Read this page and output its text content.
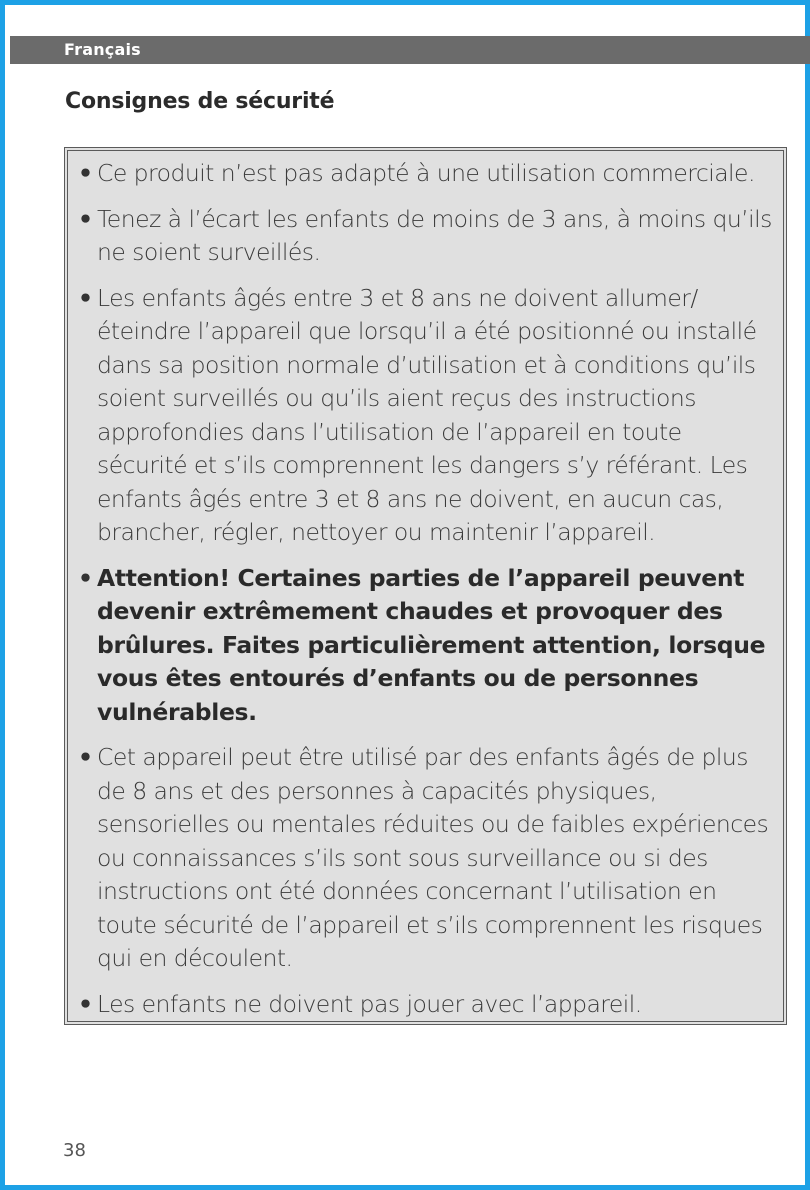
Français
Consignes de sécurité
• Ce produit n’est pas adapté à une utilisation commerciale.
• Tenez à l’écart les enfants de moins de 3 ans, à moins qu’ils ne soient surveillés.
• Les enfants âgés entre 3 et 8 ans ne doivent allumer/ éteindre l’appareil que lorsqu’il a été positionné ou installé dans sa position normale d’utilisation et à conditions qu’ils soient surveillés ou qu’ils aient reçus des instructions approfondies dans l’utilisation de l’appareil en toute sécurité et s’ils comprennent les dangers s’y référant. Les enfants âgés entre 3 et 8 ans ne doivent, en aucun cas, brancher, régler, nettoyer ou maintenir l’appareil.
• Attention! Certaines parties de l’appareil peuvent devenir extrêmement chaudes et provoquer des brûlures. Faites particulièrement attention, lorsque vous êtes entourés d’enfants ou de personnes vulnérables.
• Cet appareil peut être utilisé par des enfants âgés de plus de 8 ans et des personnes à capacités physiques, sensorielles ou mentales réduites ou de faibles expériences ou connaissances s’ils sont sous surveillance ou si des instructions ont été données concernant l’utilisation en toute sécurité de l’appareil et s’ils comprennent les risques qui en découlent.
• Les enfants ne doivent pas jouer avec l’appareil.
38
